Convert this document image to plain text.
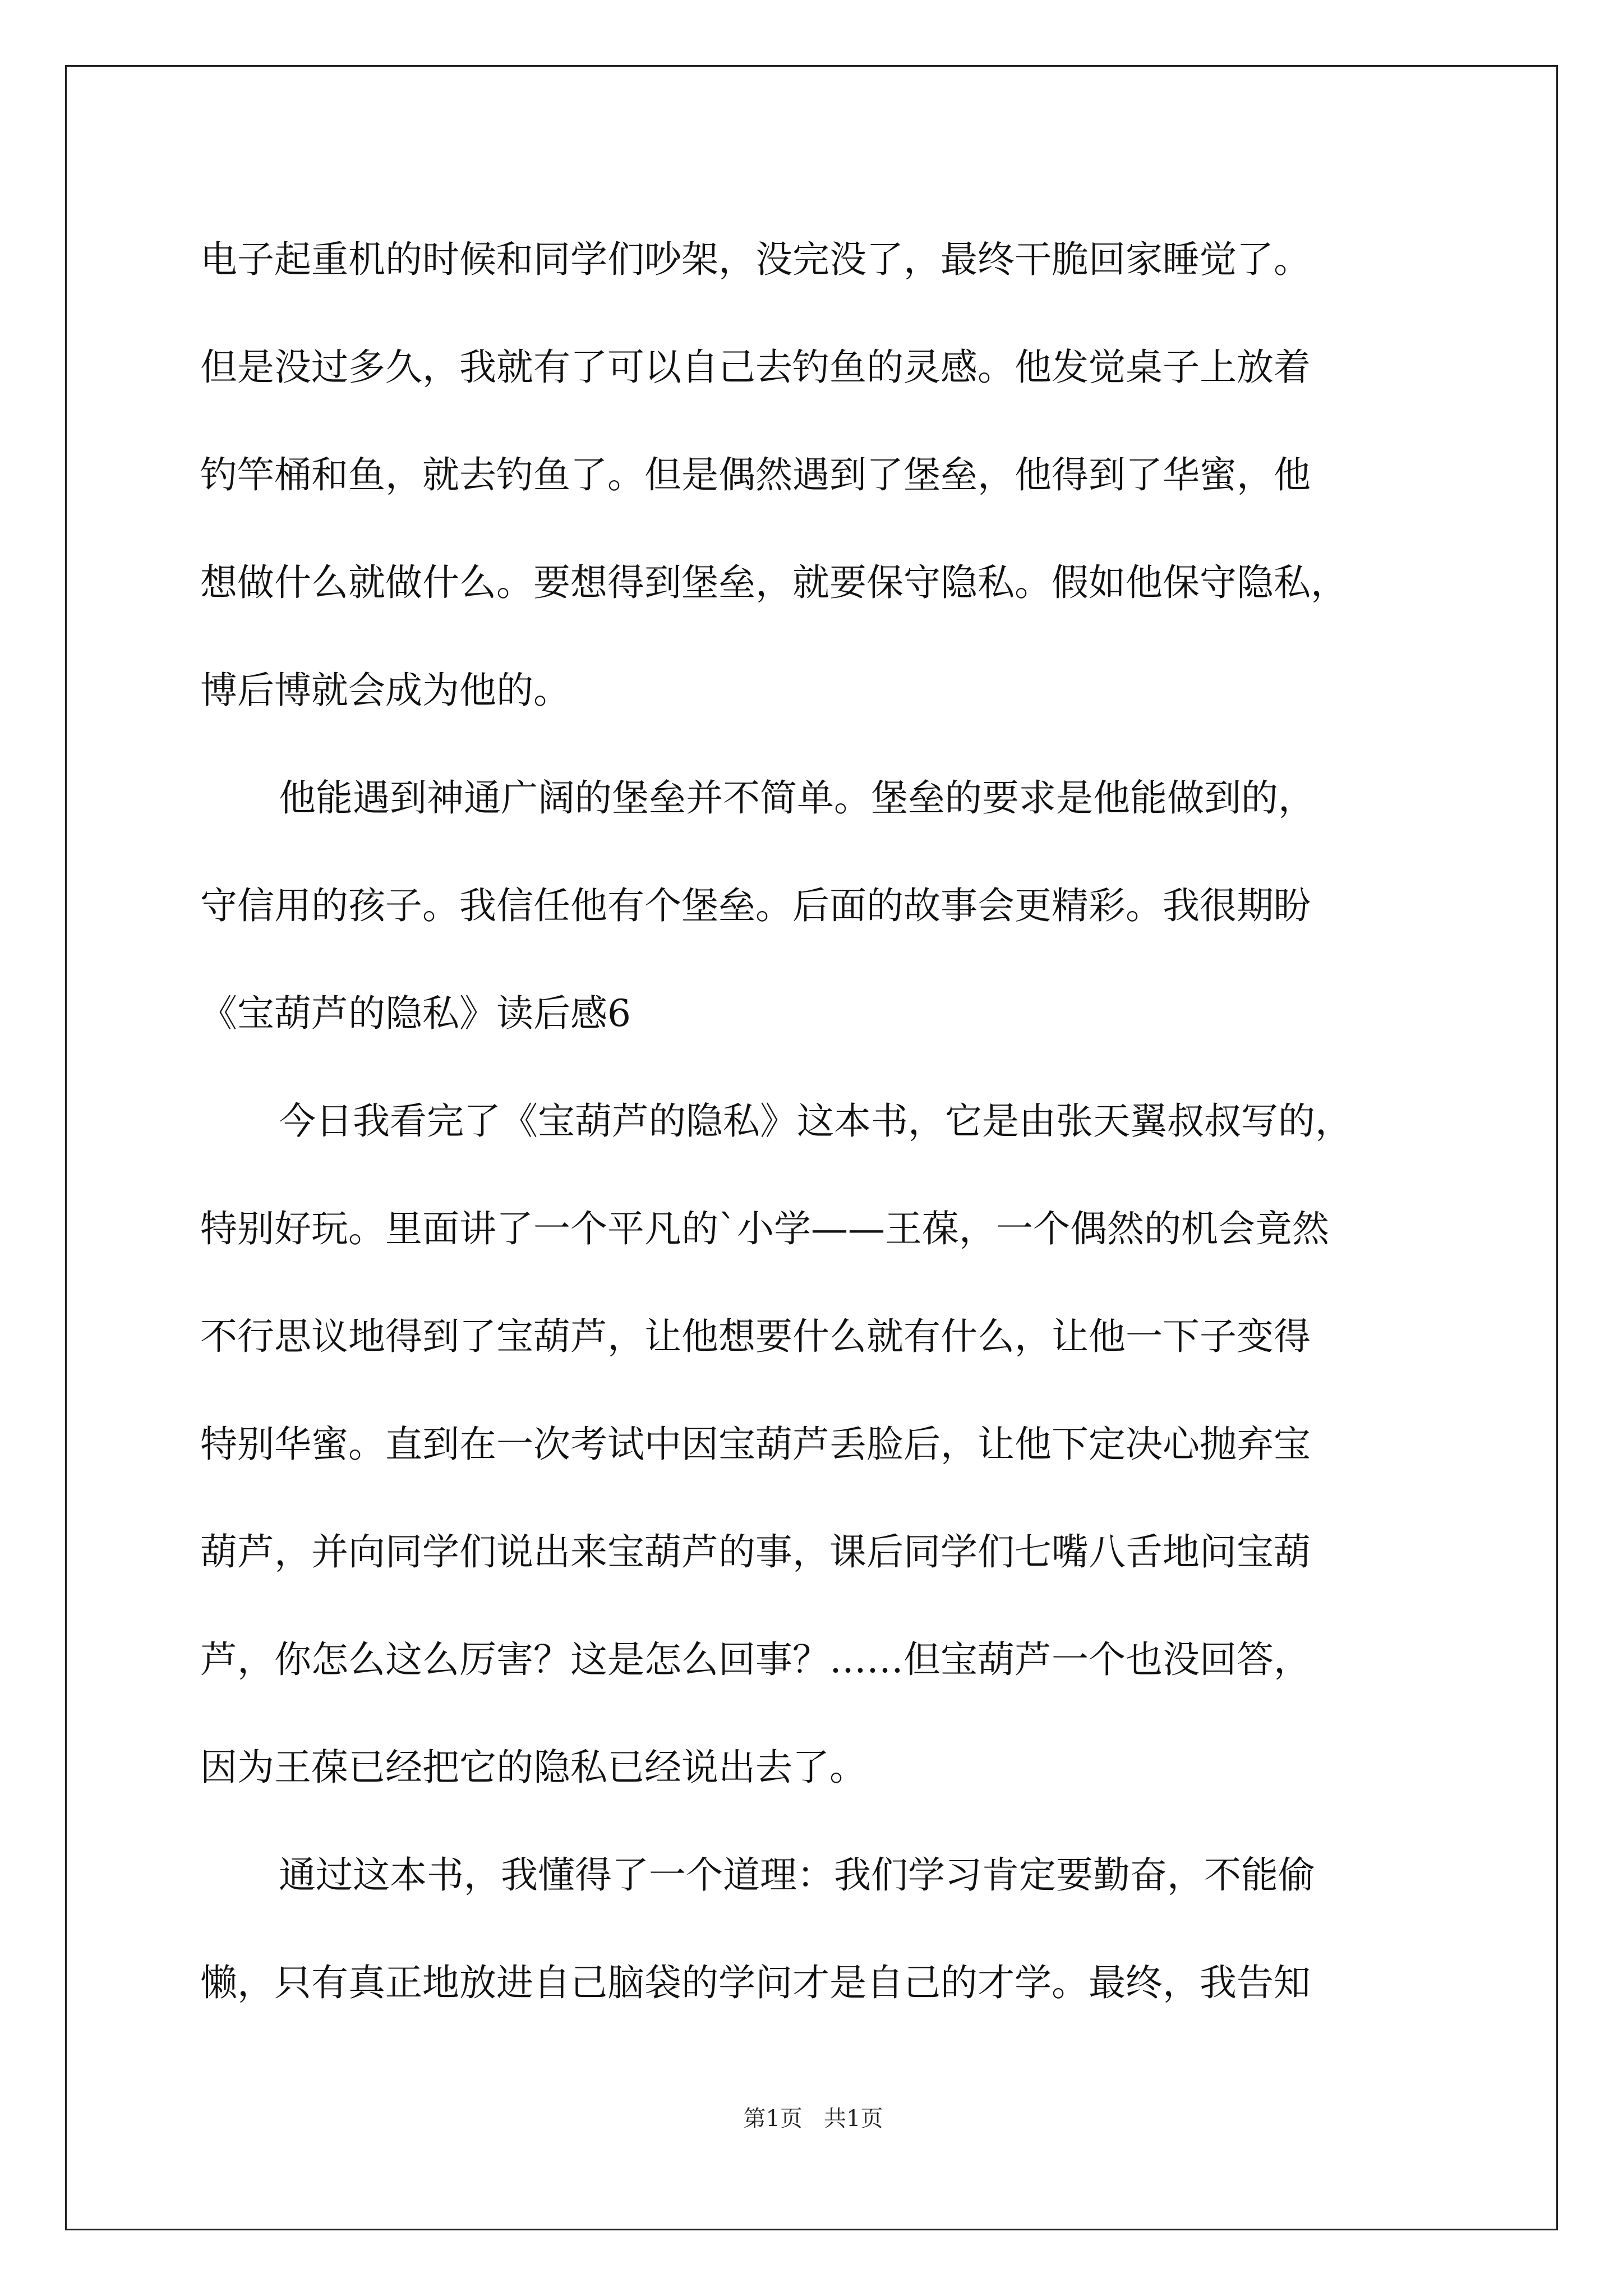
电子起重机的时候和同学们吵架，没完没了，最终干脆回家睡觉了。
但是没过多久，我就有了可以自己去钓鱼的灵感。他发觉桌子上放着
钓竿桶和鱼，就去钓鱼了。但是偶然遇到了堡垒，他得到了华蜜，他
想做什么就做什么。要想得到堡垒，就要保守隐私。假如他保守隐私，
博后博就会成为他的。
他能遇到神通广阔的堡垒并不简单。堡垒的要求是他能做到的，
守信用的孩子。我信任他有个堡垒。后面的故事会更精彩。我很期盼
《宝葫芦的隐私》读后感6
今日我看完了《宝葫芦的隐私》这本书，它是由张天翼叔叔写的，
特别好玩。里面讲了一个平凡的`小学——王葆，一个偶然的机会竟然
不行思议地得到了宝葫芦，让他想要什么就有什么，让他一下子变得
特别华蜜。直到在一次考试中因宝葫芦丢脸后，让他下定决心抛弃宝
葫芦，并向同学们说出来宝葫芦的事，课后同学们七嘴八舌地问宝葫
芦，你怎么这么厉害？这是怎么回事？……但宝葫芦一个也没回答，
因为王葆已经把它的隐私已经说出去了。
通过这本书，我懂得了一个道理：我们学习肯定要勤奋，不能偷
懒，只有真正地放进自己脑袋的学问才是自己的才学。最终，我告知
第1页   共1页
